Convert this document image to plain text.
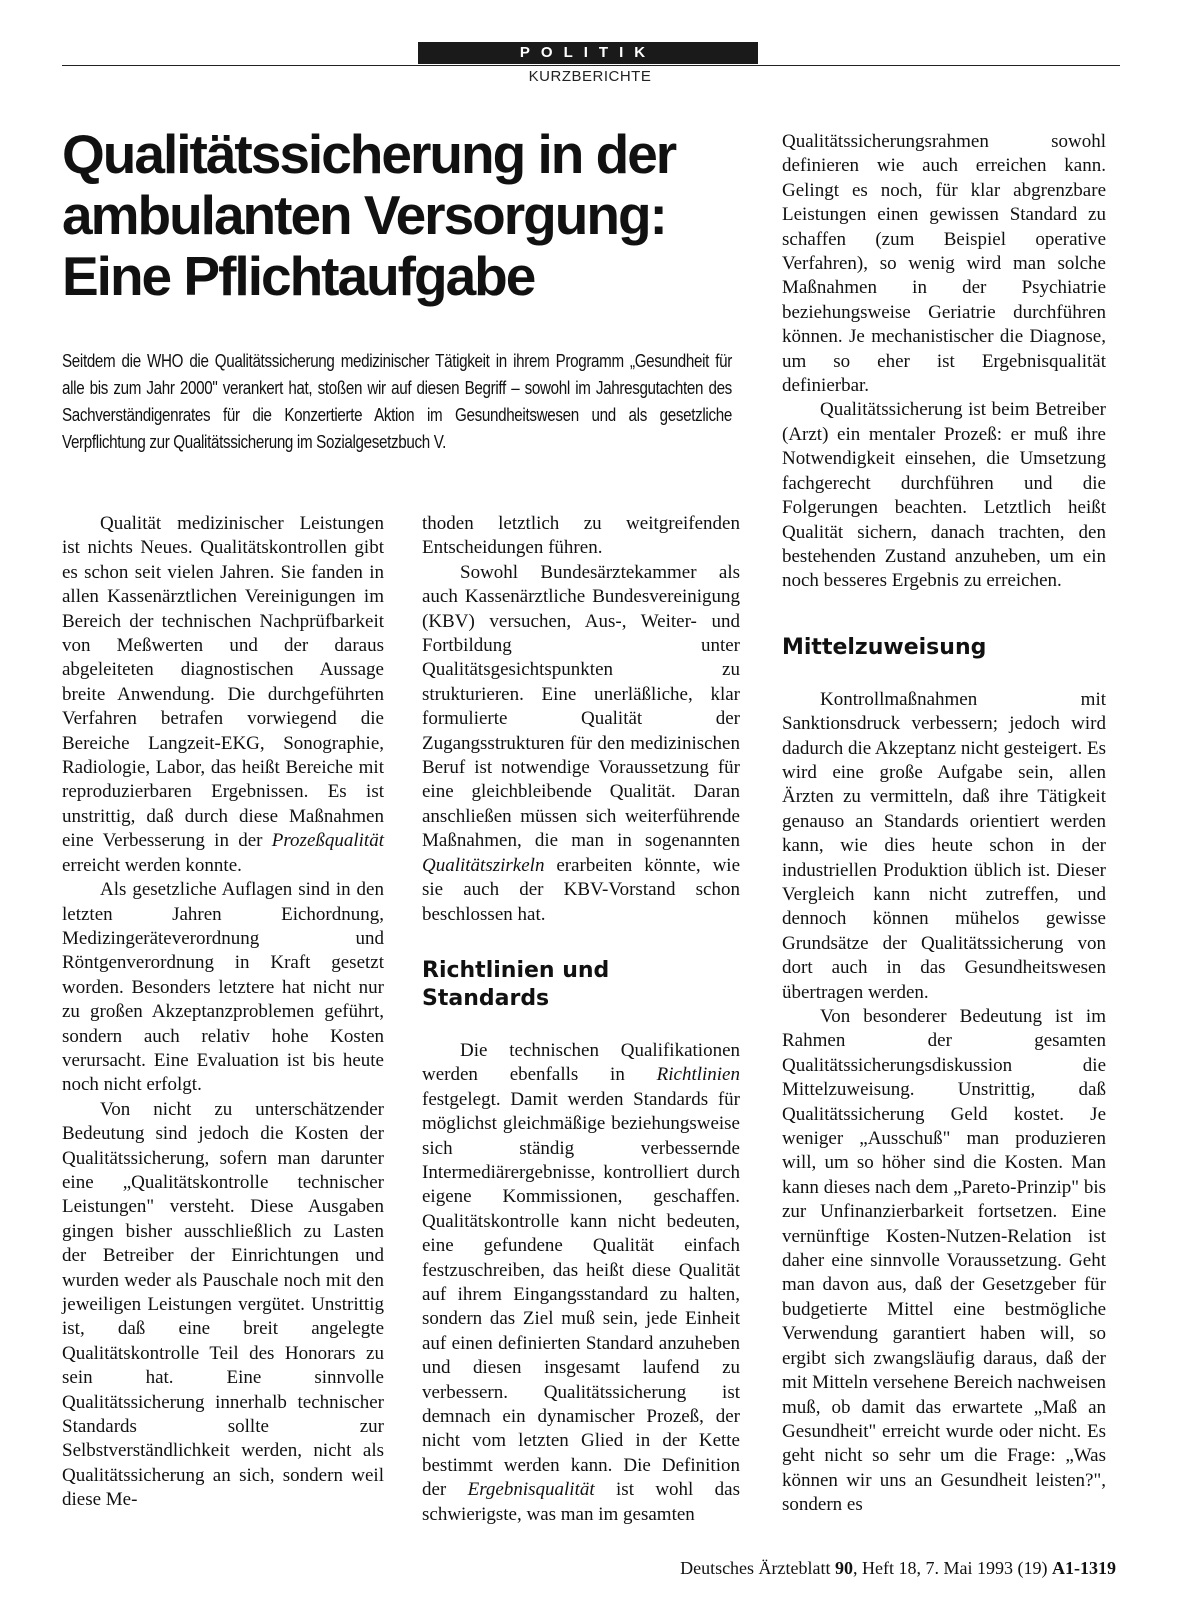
POLITIK
KURZBERICHTE
Qualitätssicherung in der ambulanten Versorgung: Eine Pflichtaufgabe
Seitdem die WHO die Qualitätssicherung medizinischer Tätigkeit in ihrem Programm „Gesundheit für alle bis zum Jahr 2000" verankert hat, stoßen wir auf diesen Begriff – sowohl im Jahresgutachten des Sachverständigenrates für die Konzertierte Aktion im Gesundheitswesen und als gesetzliche Verpflichtung zur Qualitätssicherung im Sozialgesetzbuch V.

Qualität medizinischer Leistungen ist nichts Neues. Qualitätskontrollen gibt es schon seit vielen Jahren. Sie fanden in allen Kassenärztlichen Vereinigungen im Bereich der technischen Nachprüfbarkeit von Meßwerten und der daraus abgeleiteten diagnostischen Aussage breite Anwendung. Die durchgeführten Verfahren betrafen vorwiegend die Bereiche Langzeit-EKG, Sonographie, Radiologie, Labor, das heißt Bereiche mit reproduzierbaren Ergebnissen. Es ist unstrittig, daß durch diese Maßnahmen eine Verbesserung in der Prozeßqualität erreicht werden konnte.

Als gesetzliche Auflagen sind in den letzten Jahren Eichordnung, Medizingeräteverordnung und Röntgenverordnung in Kraft gesetzt worden. Besonders letztere hat nicht nur zu großen Akzeptanzproblemen geführt, sondern auch relativ hohe Kosten verursacht. Eine Evaluation ist bis heute noch nicht erfolgt.

Von nicht zu unterschätzender Bedeutung sind jedoch die Kosten der Qualitätssicherung, sofern man darunter eine „Qualitätskontrolle technischer Leistungen" versteht. Diese Ausgaben gingen bisher ausschließlich zu Lasten der Betreiber der Einrichtungen und wurden weder als Pauschale noch mit den jeweiligen Leistungen vergütet. Unstrittig ist, daß eine breit angelegte Qualitätskontrolle Teil des Honorars zu sein hat. Eine sinnvolle Qualitätssicherung innerhalb technischer Standards sollte zur Selbstverständlichkeit werden, nicht als Qualitätssicherung an sich, sondern weil diese Me-

thoden letztlich zu weitgreifenden Entscheidungen führen.

Sowohl Bundesärztekammer als auch Kassenärztliche Bundesvereinigung (KBV) versuchen, Aus-, Weiter- und Fortbildung unter Qualitätsgesichtspunkten zu strukturieren. Eine unerläßliche, klar formulierte Qualität der Zugangsstrukturen für den medizinischen Beruf ist notwendige Voraussetzung für eine gleichbleibende Qualität. Daran anschließen müssen sich weiterführende Maßnahmen, die man in sogenannten Qualitätszirkeln erarbeiten könnte, wie sie auch der KBV-Vorstand schon beschlossen hat.

Richtlinien und Standards

Die technischen Qualifikationen werden ebenfalls in Richtlinien festgelegt. Damit werden Standards für möglichst gleichmäßige beziehungsweise sich ständig verbessernde Intermediärergebnisse, kontrolliert durch eigene Kommissionen, geschaffen. Qualitätskontrolle kann nicht bedeuten, eine gefundene Qualität einfach festzuschreiben, das heißt diese Qualität auf ihrem Eingangsstandard zu halten, sondern das Ziel muß sein, jede Einheit auf einen definierten Standard anzuheben und diesen insgesamt laufend zu verbessern. Qualitätssicherung ist demnach ein dynamischer Prozeß, der nicht vom letzten Glied in der Kette bestimmt werden kann. Die Definition der Ergebnisqualität ist wohl das schwierigste, was man im gesamten

Qualitätssicherungsrahmen sowohl definieren wie auch erreichen kann. Gelingt es noch, für klar abgrenzbare Leistungen einen gewissen Standard zu schaffen (zum Beispiel operative Verfahren), so wenig wird man solche Maßnahmen in der Psychiatrie beziehungsweise Geriatrie durchführen können. Je mechanistischer die Diagnose, um so eher ist Ergebnisqualität definierbar.

Qualitätssicherung ist beim Betreiber (Arzt) ein mentaler Prozeß: er muß ihre Notwendigkeit einsehen, die Umsetzung fachgerecht durchführen und die Folgerungen beachten. Letztlich heißt Qualität sichern, danach trachten, den bestehenden Zustand anzuheben, um ein noch besseres Ergebnis zu erreichen.

Mittelzuweisung

Kontrollmaßnahmen mit Sanktionsdruck verbessern; jedoch wird dadurch die Akzeptanz nicht gesteigert. Es wird eine große Aufgabe sein, allen Ärzten zu vermitteln, daß ihre Tätigkeit genauso an Standards orientiert werden kann, wie dies heute schon in der industriellen Produktion üblich ist. Dieser Vergleich kann nicht zutreffen, und dennoch können mühelos gewisse Grundsätze der Qualitätssicherung von dort auch in das Gesundheitswesen übertragen werden.

Von besonderer Bedeutung ist im Rahmen der gesamten Qualitätssicherungsdiskussion die Mittelzuweisung. Unstrittig, daß Qualitätssicherung Geld kostet. Je weniger „Ausschuß" man produzieren will, um so höher sind die Kosten. Man kann dieses nach dem „Pareto-Prinzip" bis zur Unfinanzierbarkeit fortsetzen. Eine vernünftige Kosten-Nutzen-Relation ist daher eine sinnvolle Voraussetzung. Geht man davon aus, daß der Gesetzgeber für budgetierte Mittel eine bestmögliche Verwendung garantiert haben will, so ergibt sich zwangsläufig daraus, daß der mit Mitteln versehene Bereich nachweisen muß, ob damit das erwartete „Maß an Gesundheit" erreicht wurde oder nicht. Es geht nicht so sehr um die Frage: „Was können wir uns an Gesundheit leisten?", sondern es

Deutsches Ärzteblatt 90, Heft 18, 7. Mai 1993 (19) A1-1319
